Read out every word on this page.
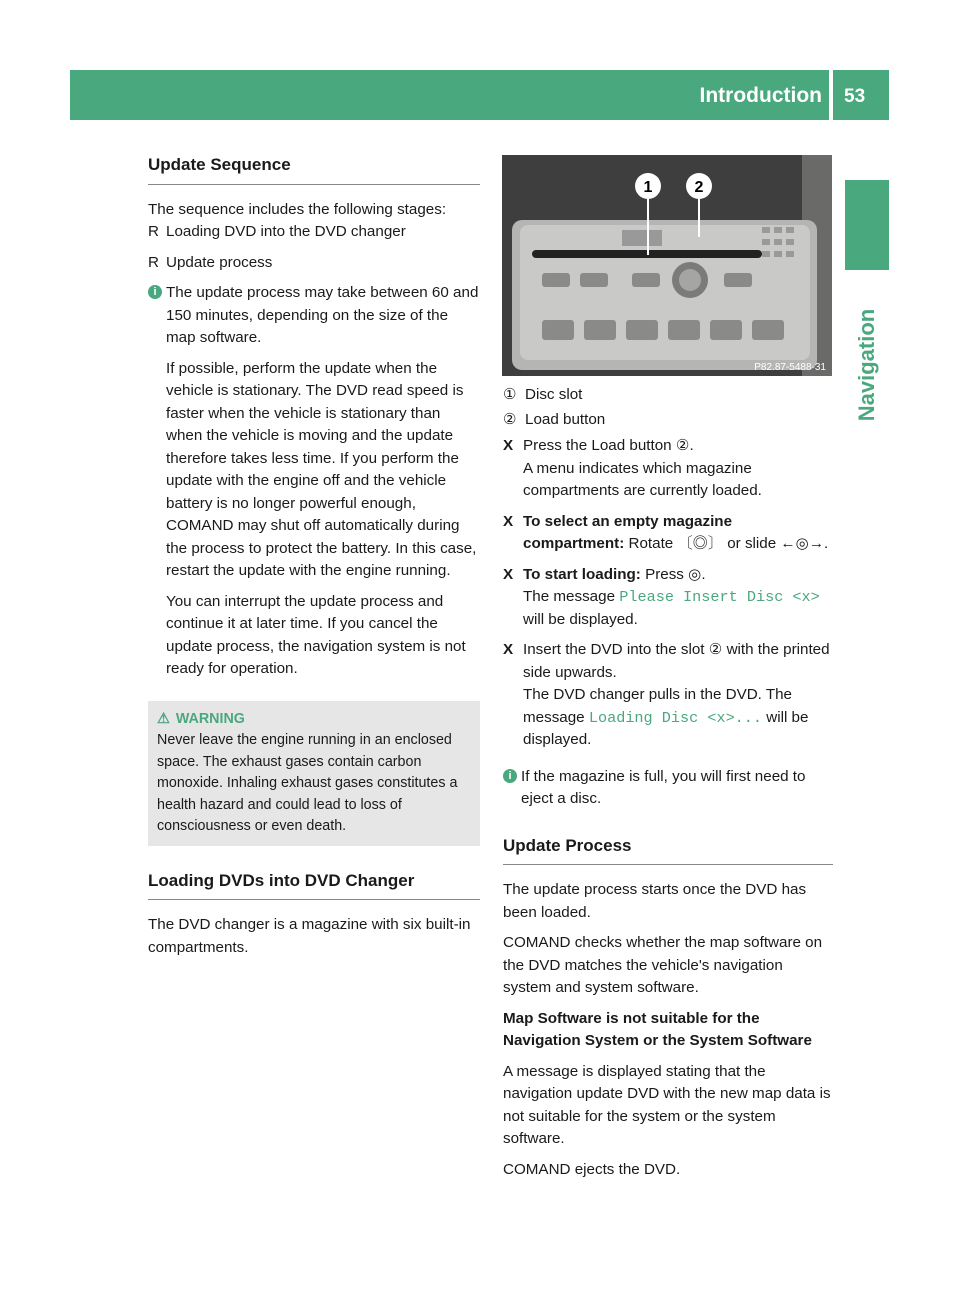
Introduction 53
Navigation
Update Sequence

The sequence includes the following stages:

R Loading DVD into the DVD changer

R Update process

i The update process may take between 60 and 150 minutes, depending on the size of the map software.

If possible, perform the update when the vehicle is stationary. The DVD read speed is faster when the vehicle is stationary than when the vehicle is moving and the update therefore takes less time. If you perform the update with the engine off and the vehicle battery is no longer powerful enough, COMAND may shut off automatically during the process to protect the battery. In this case, restart the update with the engine running.

You can interrupt the update process and continue it at later time. If you cancel the update process, the navigation system is not ready for operation.

⚠ WARNING

Never leave the engine running in an enclosed space. The exhaust gases contain carbon monoxide. Inhaling exhaust gases constitutes a health hazard and could lead to loss of consciousness or even death.

Loading DVDs into DVD Changer

The DVD changer is a magazine with six built-in compartments.

1	2
P82.87-5488-31

① Disc slot

② Load button

X Press the Load button ②.

A menu indicates which magazine compartments are currently loaded.

X To select an empty magazine compartment: Rotate 〔◎〕 or slide ←◎→.

X To start loading: Press ◎.

The message Please Insert Disc <x> will be displayed.

X Insert the DVD into the slot ② with the printed side upwards.

The DVD changer pulls in the DVD. The

message Loading Disc <x>... will be displayed.

i If the magazine is full, you will first need to eject a disc.

Update Process

The update process starts once the DVD has been loaded.

COMAND checks whether the map software on the DVD matches the vehicle's navigation system and system software.

Map Software is not suitable for the Navigation System or the System Software

A message is displayed stating that the navigation update DVD with the new map data is not suitable for the system or the system software.

COMAND ejects the DVD.
